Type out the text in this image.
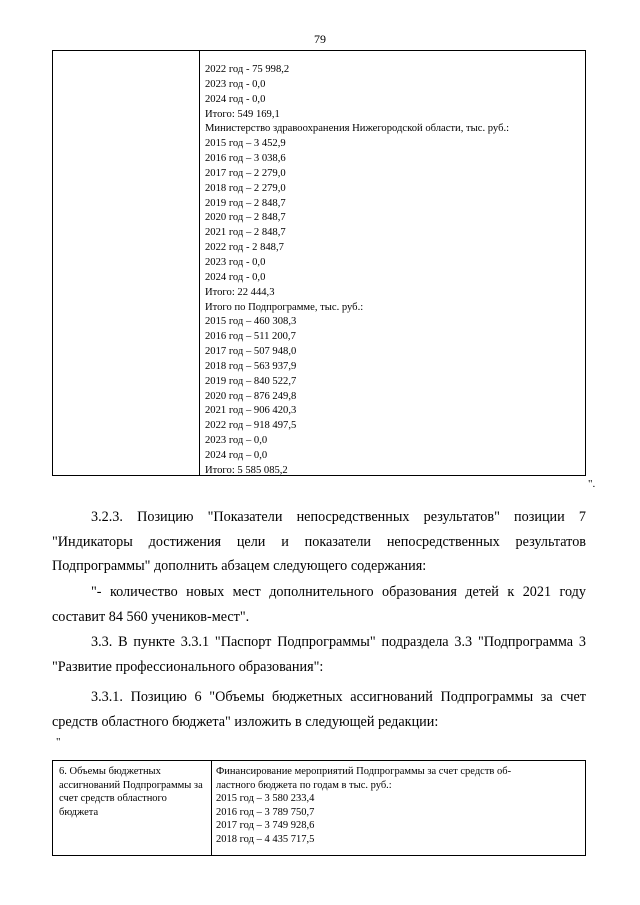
79
2022 год - 75 998,2
2023 год - 0,0
2024 год - 0,0
Итого: 549 169,1
Министерство здравоохранения Нижегородской области, тыс. руб.:
2015 год – 3 452,9
2016 год – 3 038,6
2017 год – 2 279,0
2018 год – 2 279,0
2019 год – 2 848,7
2020 год – 2 848,7
2021 год – 2 848,7
2022 год - 2 848,7
2023 год - 0,0
2024 год - 0,0
Итого: 22 444,3
Итого по Подпрограмме, тыс. руб.:
2015 год – 460 308,3
2016 год – 511 200,7
2017 год – 507 948,0
2018 год – 563 937,9
2019 год – 840 522,7
2020 год – 876 249,8
2021 год – 906 420,3
2022 год – 918 497,5
2023 год – 0,0
2024 год – 0,0
Итого: 5 585 085,2
".

3.2.3. Позицию "Показатели непосредственных результатов" позиции 7 "Индикаторы достижения цели и показатели непосредственных результатов Подпрограммы" дополнить абзацем следующего содержания:

"- количество новых мест дополнительного образования детей к 2021 году составит 84 560 учеников-мест".

3.3. В пункте 3.3.1 "Паспорт Подпрограммы" подраздела 3.3 "Подпрограмма 3 "Развитие профессионального образования":

3.3.1. Позицию 6 "Объемы бюджетных ассигнований Подпрограммы за счет средств областного бюджета" изложить в следующей редакции:

"
6. Объемы бюджетных ассигнований Подпрограммы за счет средств областного бюджета
Финансирование мероприятий Подпрограммы за счет средств об-
ластного бюджета по годам в тыс. руб.:
2015 год – 3 580 233,4
2016 год – 3 789 750,7
2017 год – 3 749 928,6
2018 год – 4 435 717,5
